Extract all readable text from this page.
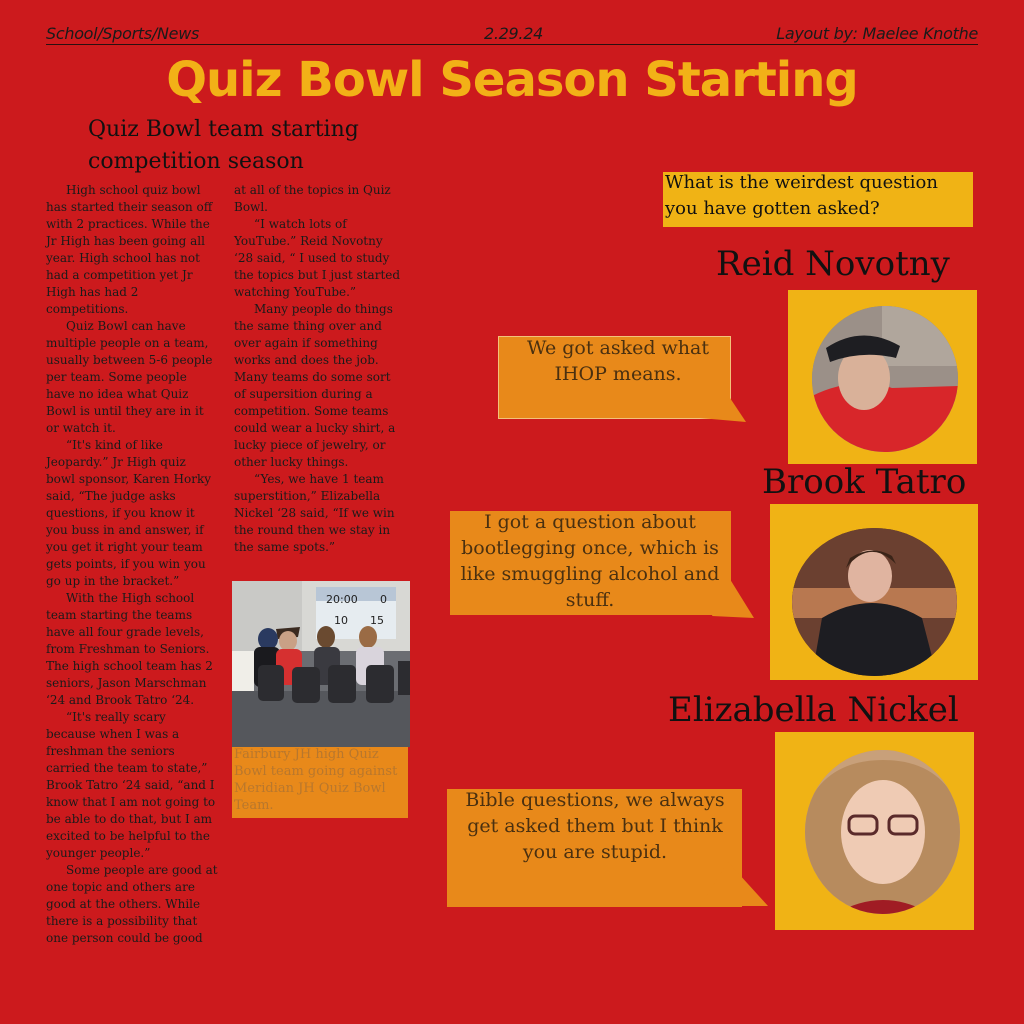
School/Sports/News	2.29.24	Layout by: Maelee Knothe
Quiz Bowl Season Starting
Quiz Bowl team starting competition season

High school quiz bowl has started their season off with 2 practices. While the Jr High has been going all year. High school has not had a competition yet Jr High has had 2 competitions.

Quiz Bowl can have multiple people on a team, usually between 5-6 people per team. Some people have no idea what Quiz Bowl is until they are in it or watch it.

“It's kind of like Jeopardy.” Jr High quiz bowl sponsor, Karen Horky said, “The judge asks questions, if you know it you buss in and answer, if you get it right your team gets points, if you win you go up in the bracket.”

With the High school team starting the teams have all four grade levels, from Freshman to Seniors. The high school team has 2 seniors, Jason Marschman ‘24 and Brook Tatro ‘24.

“It's really scary because when I was a freshman the seniors carried the team to state,” Brook Tatro ‘24 said, “and I know that I am not going to be able to do that, but I am excited to be helpful to the younger people.”

Some people are good at one topic and others are good at the others. While there is a possibility that one person could be good

at all of the topics in Quiz Bowl.

“I watch lots of YouTube.” Reid Novotny ‘28 said, “ I used to study the topics but I just started watching YouTube.”

Many people do things the same thing over and over again if something works and does the job. Many teams do some sort of supersition during a competition. Some teams could wear a lucky shirt, a lucky piece of jewelry, or other lucky things.

“Yes, we have 1 team superstition,” Elizabella Nickel ‘28 said, “If we win the round then we stay in the same spots.”

20:00 0
10 15
Fairbury JH high Quiz Bowl team going against Meridian JH Quiz Bowl Team.
What is the weirdest question you have gotten asked?
Reid Novotny
We got asked what IHOP means.
Brook Tatro
I got a question about bootlegging once, which is like smuggling alcohol and stuff.
Elizabella Nickel
Bible questions, we always get asked them but I think you are stupid.
